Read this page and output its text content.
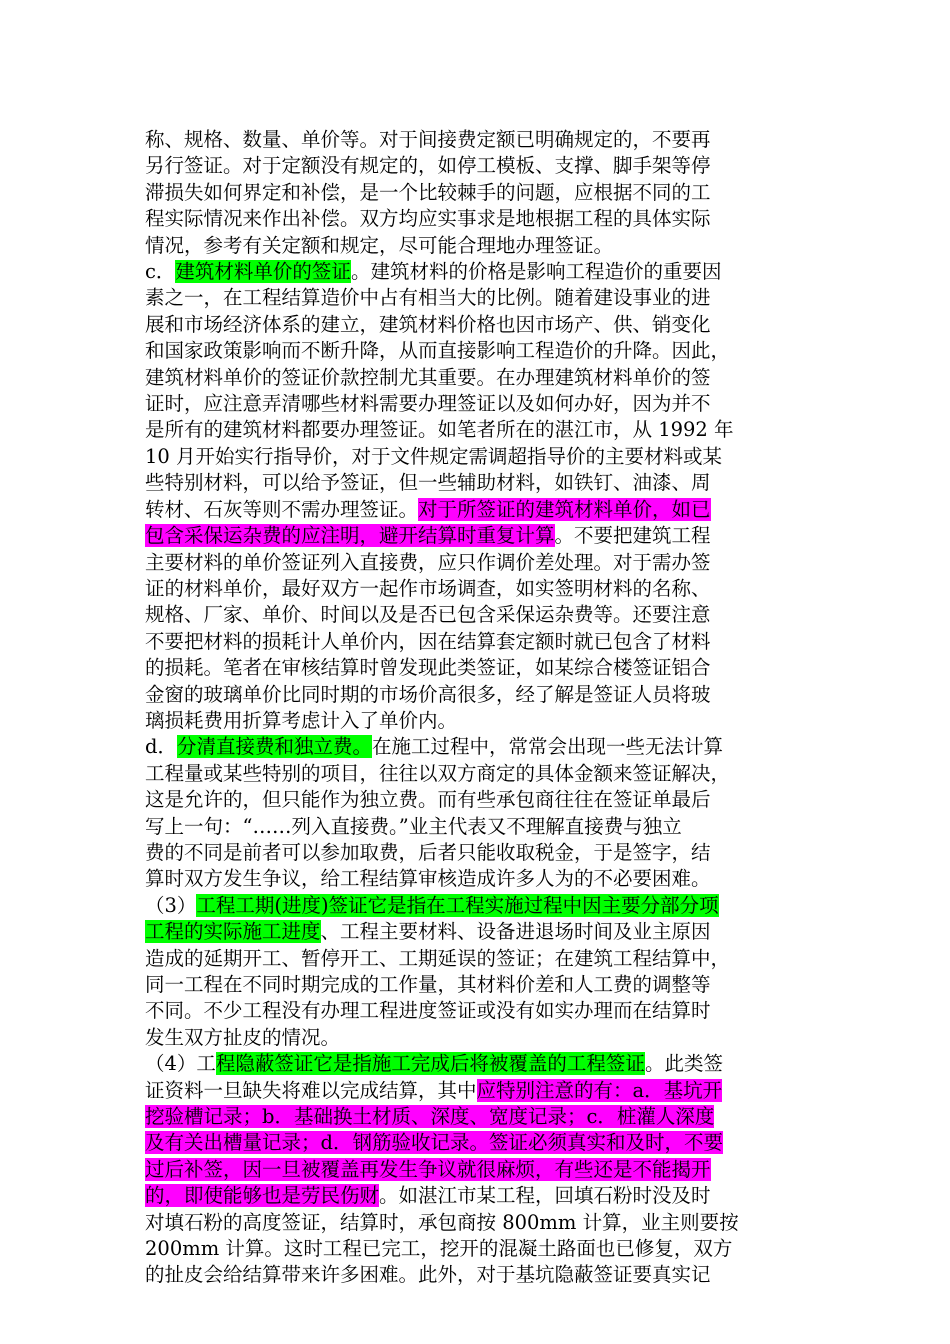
称、规格、数量、单价等。对于间接费定额已明确规定的，不要再
另行签证。对于定额没有规定的，如停工模板、支撑、脚手架等停
滞损失如何界定和补偿，是一个比较棘手的问题，应根据不同的工
程实际情况来作出补偿。双方均应实事求是地根据工程的具体实际
情况，参考有关定额和规定，尽可能合理地办理签证。
c．建筑材料单价的签证。建筑材料的价格是影响工程造价的重要因
素之一，在工程结算造价中占有相当大的比例。随着建设事业的进
展和市场经济体系的建立，建筑材料价格也因市场产、供、销变化
和国家政策影响而不断升降，从而直接影响工程造价的升降。因此，
建筑材料单价的签证价款控制尤其重要。在办理建筑材料单价的签
证时，应注意弄清哪些材料需要办理签证以及如何办好，因为并不
是所有的建筑材料都要办理签证。如笔者所在的湛江市，从 1992 年
10 月开始实行指导价，对于文件规定需调超指导价的主要材料或某
些特别材料，可以给予签证，但一些辅助材料，如铁钉、油漆、周
转材、石灰等则不需办理签证。对于所签证的建筑材料单价，如已
包含采保运杂费的应注明，避开结算时重复计算。不要把建筑工程
主要材料的单价签证列入直接费，应只作调价差处理。对于需办签
证的材料单价，最好双方一起作市场调查，如实签明材料的名称、
规格、厂家、单价、时间以及是否已包含采保运杂费等。还要注意
不要把材料的损耗计人单价内，因在结算套定额时就已包含了材料
的损耗。笔者在审核结算时曾发现此类签证，如某综合楼签证铝合
金窗的玻璃单价比同时期的市场价高很多，经了解是签证人员将玻
璃损耗费用折算考虑计入了单价内。
d．分清直接费和独立费。在施工过程中，常常会出现一些无法计算
工程量或某些特别的项目，往往以双方商定的具体金额来签证解决，
这是允许的，但只能作为独立费。而有些承包商往往在签证单最后
写上一句：“……列入直接费。”业主代表又不理解直接费与独立
费的不同是前者可以参加取费，后者只能收取税金，于是签字，结
算时双方发生争议，给工程结算审核造成许多人为的不必要困难。
（3）工程工期(进度)签证它是指在工程实施过程中因主要分部分项
工程的实际施工进度、工程主要材料、设备进退场时间及业主原因
造成的延期开工、暂停开工、工期延误的签证；在建筑工程结算中，
同一工程在不同时期完成的工作量，其材料价差和人工费的调整等
不同。不少工程没有办理工程进度签证或没有如实办理而在结算时
发生双方扯皮的情况。
（4）工程隐蔽签证它是指施工完成后将被覆盖的工程签证。此类签
证资料一旦缺失将难以完成结算，其中应特别注意的有：a．基坑开
挖验槽记录；b．基础换土材质、深度、宽度记录；c．桩灌人深度
及有关出槽量记录；d．钢筋验收记录。签证必须真实和及时，不要
过后补签，因一旦被覆盖再发生争议就很麻烦，有些还是不能揭开
的，即使能够也是劳民伤财。如湛江市某工程，回填石粉时没及时
对填石粉的高度签证，结算时，承包商按 800mm 计算，业主则要按
200mm 计算。这时工程已完工，挖开的混凝土路面也已修复，双方
的扯皮会给结算带来许多困难。此外，对于基坑隐蔽签证要真实记
